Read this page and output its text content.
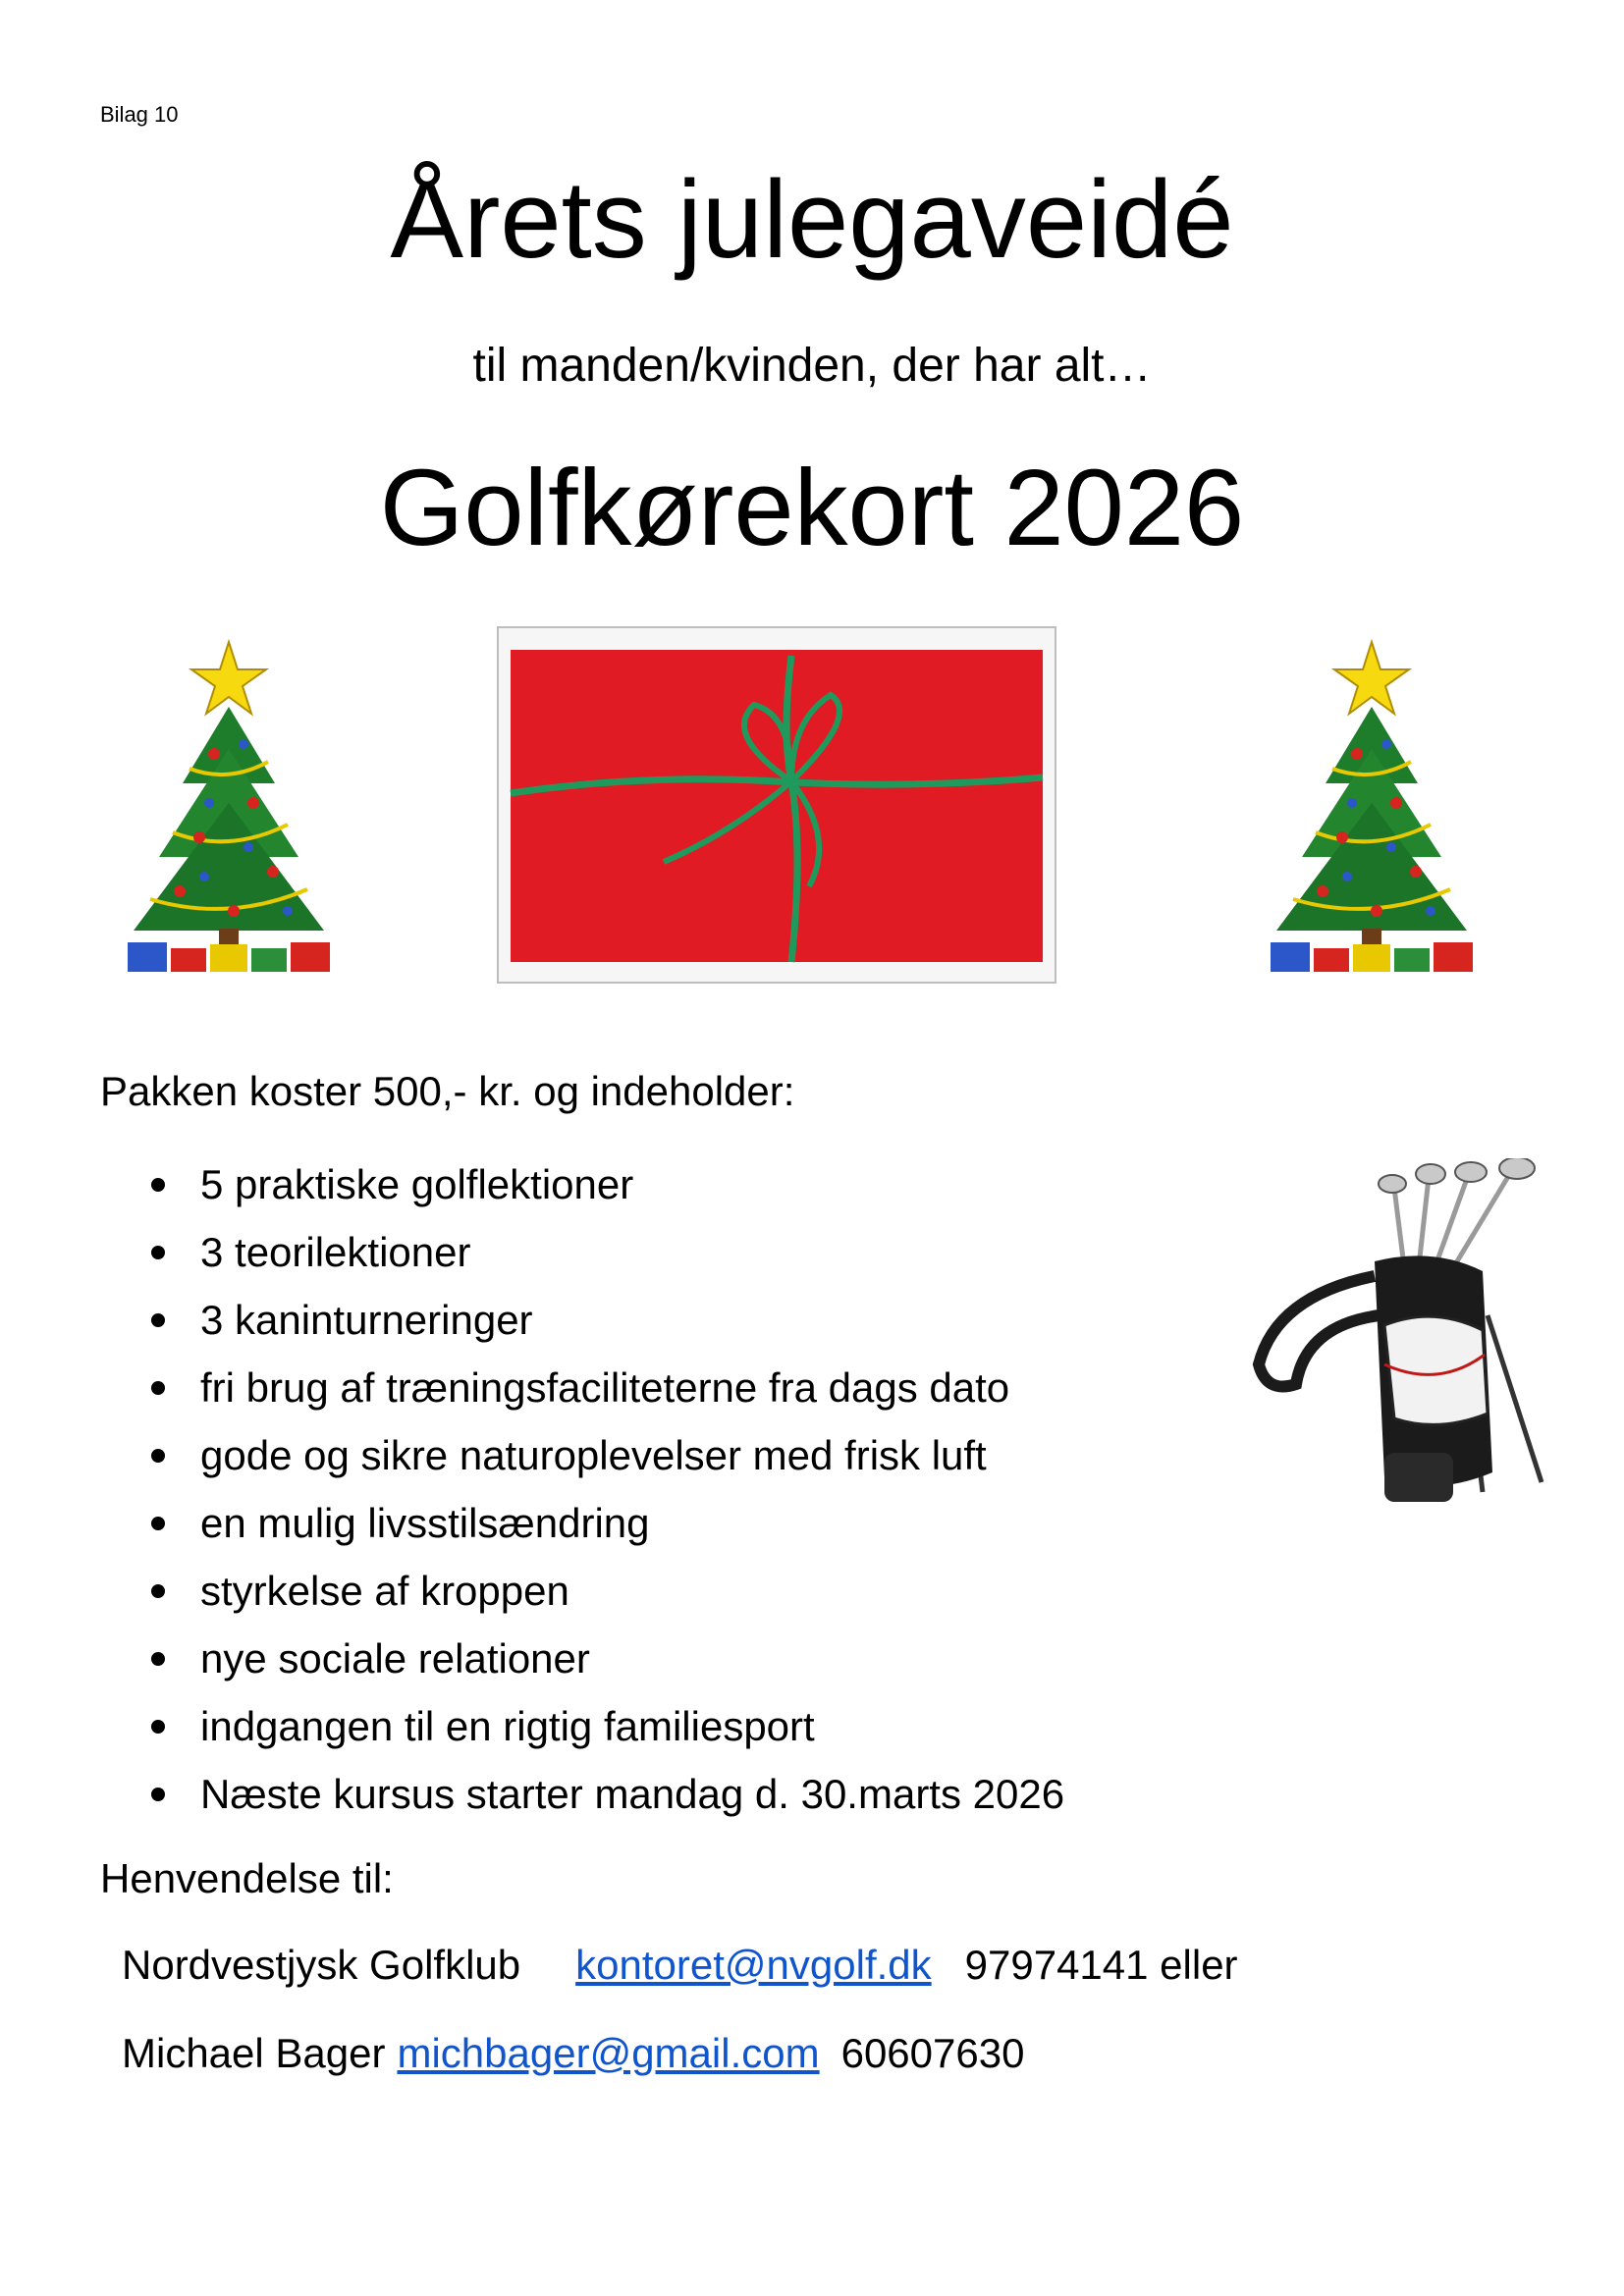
Bilag 10
Årets julegaveidé
til manden/kvinden, der har alt…
Golfkørekort 2026
Pakken koster 500,- kr. og indeholder:
5 praktiske golflektioner
3 teorilektioner
3 kaninturneringer
fri brug af træningsfaciliteterne fra dags dato
gode og sikre naturoplevelser med frisk luft
en mulig livsstilsændring
styrkelse af kroppen
nye sociale relationer
indgangen til en rigtig familiesport
Næste kursus starter mandag d. 30.marts 2026
Henvendelse til:
Nordvestjysk Golfklub kontoret@nvgolf.dk 97974141 eller
Michael Bager michbager@gmail.com 60607630
